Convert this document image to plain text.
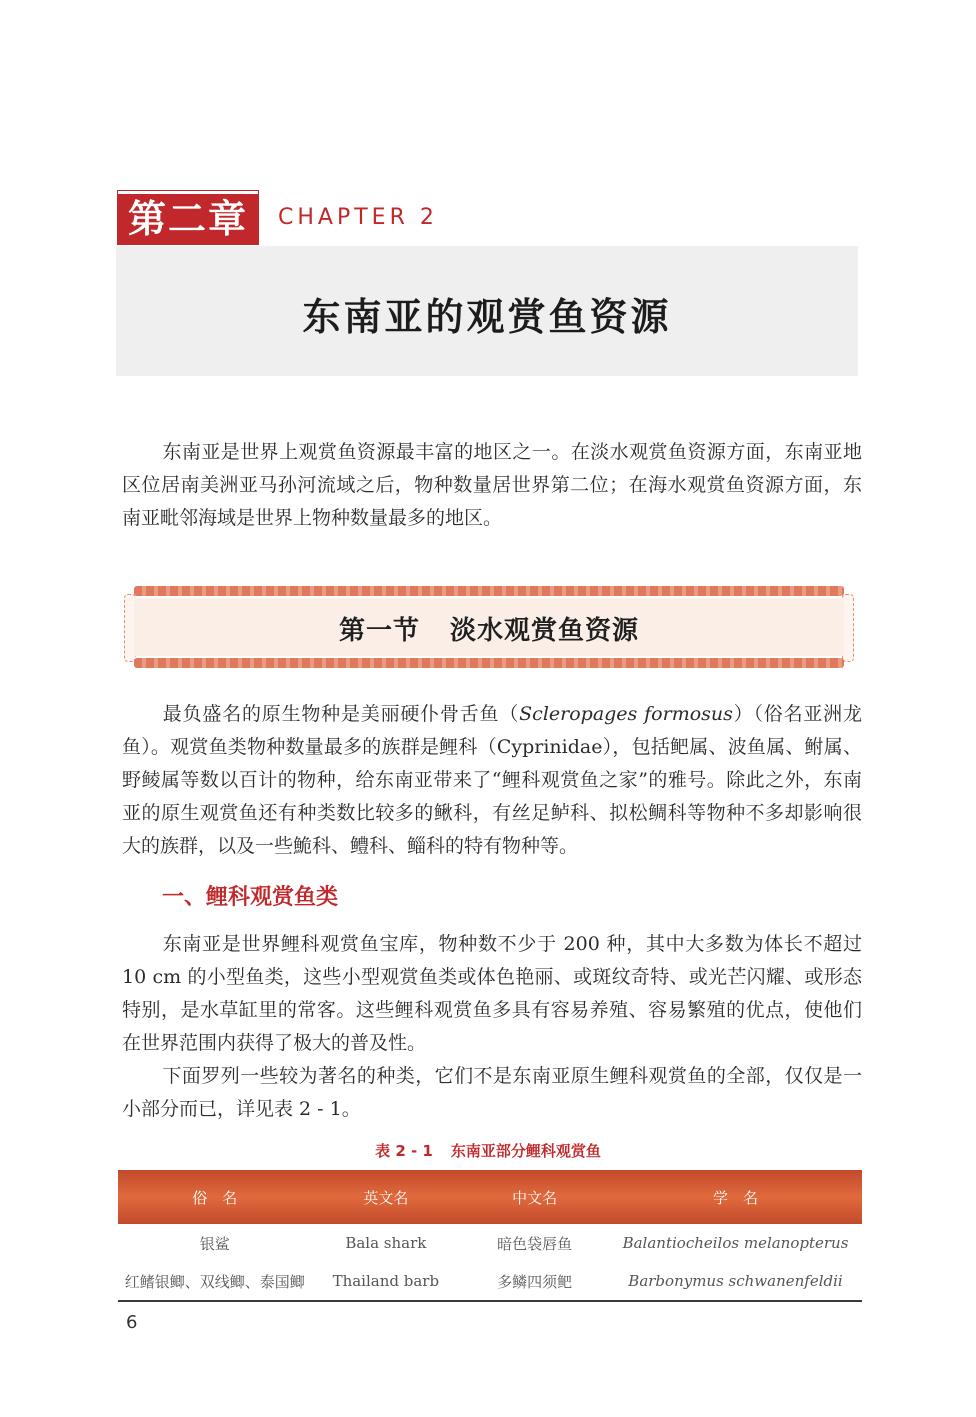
第二章	CHAPTER 2
东南亚的观赏鱼资源

东南亚是世界上观赏鱼资源最丰富的地区之一。在淡水观赏鱼资源方面，东南亚地区位居南美洲亚马孙河流域之后，物种数量居世界第二位；在海水观赏鱼资源方面，东南亚毗邻海域是世界上物种数量最多的地区。

第一节 淡水观赏鱼资源

最负盛名的原生物种是美丽硬仆骨舌鱼（Scleropages formosus）（俗名亚洲龙鱼）。观赏鱼类物种数量最多的族群是鲤科（Cyprinidae），包括鲃属、波鱼属、鲋属、野鲮属等数以百计的物种，给东南亚带来了“鲤科观赏鱼之家”的雅号。除此之外，东南亚的原生观赏鱼还有种类数比较多的鳅科，有丝足鲈科、拟松鲷科等物种不多却影响很大的族群，以及一些鮠科、鳢科、鲻科的特有物种等。

一、鲤科观赏鱼类

东南亚是世界鲤科观赏鱼宝库，物种数不少于 200 种，其中大多数为体长不超过 10 cm 的小型鱼类，这些小型观赏鱼类或体色艳丽、或斑纹奇特、或光芒闪耀、或形态特别，是水草缸里的常客。这些鲤科观赏鱼多具有容易养殖、容易繁殖的优点，使他们在世界范围内获得了极大的普及性。

下面罗列一些较为著名的种类，它们不是东南亚原生鲤科观赏鱼的全部，仅仅是一小部分而已，详见表 2 - 1。

表 2 - 1 东南亚部分鲤科观赏鱼
俗　名	英文名	中文名	学　名
银鲨	Bala shark	暗色袋唇鱼	Balantiocheilos melanopterus
红鳍银鲫、双线鲫、泰国鲫	Thailand barb	多鳞四须鲃	Barbonymus schwanenfeldii
6
